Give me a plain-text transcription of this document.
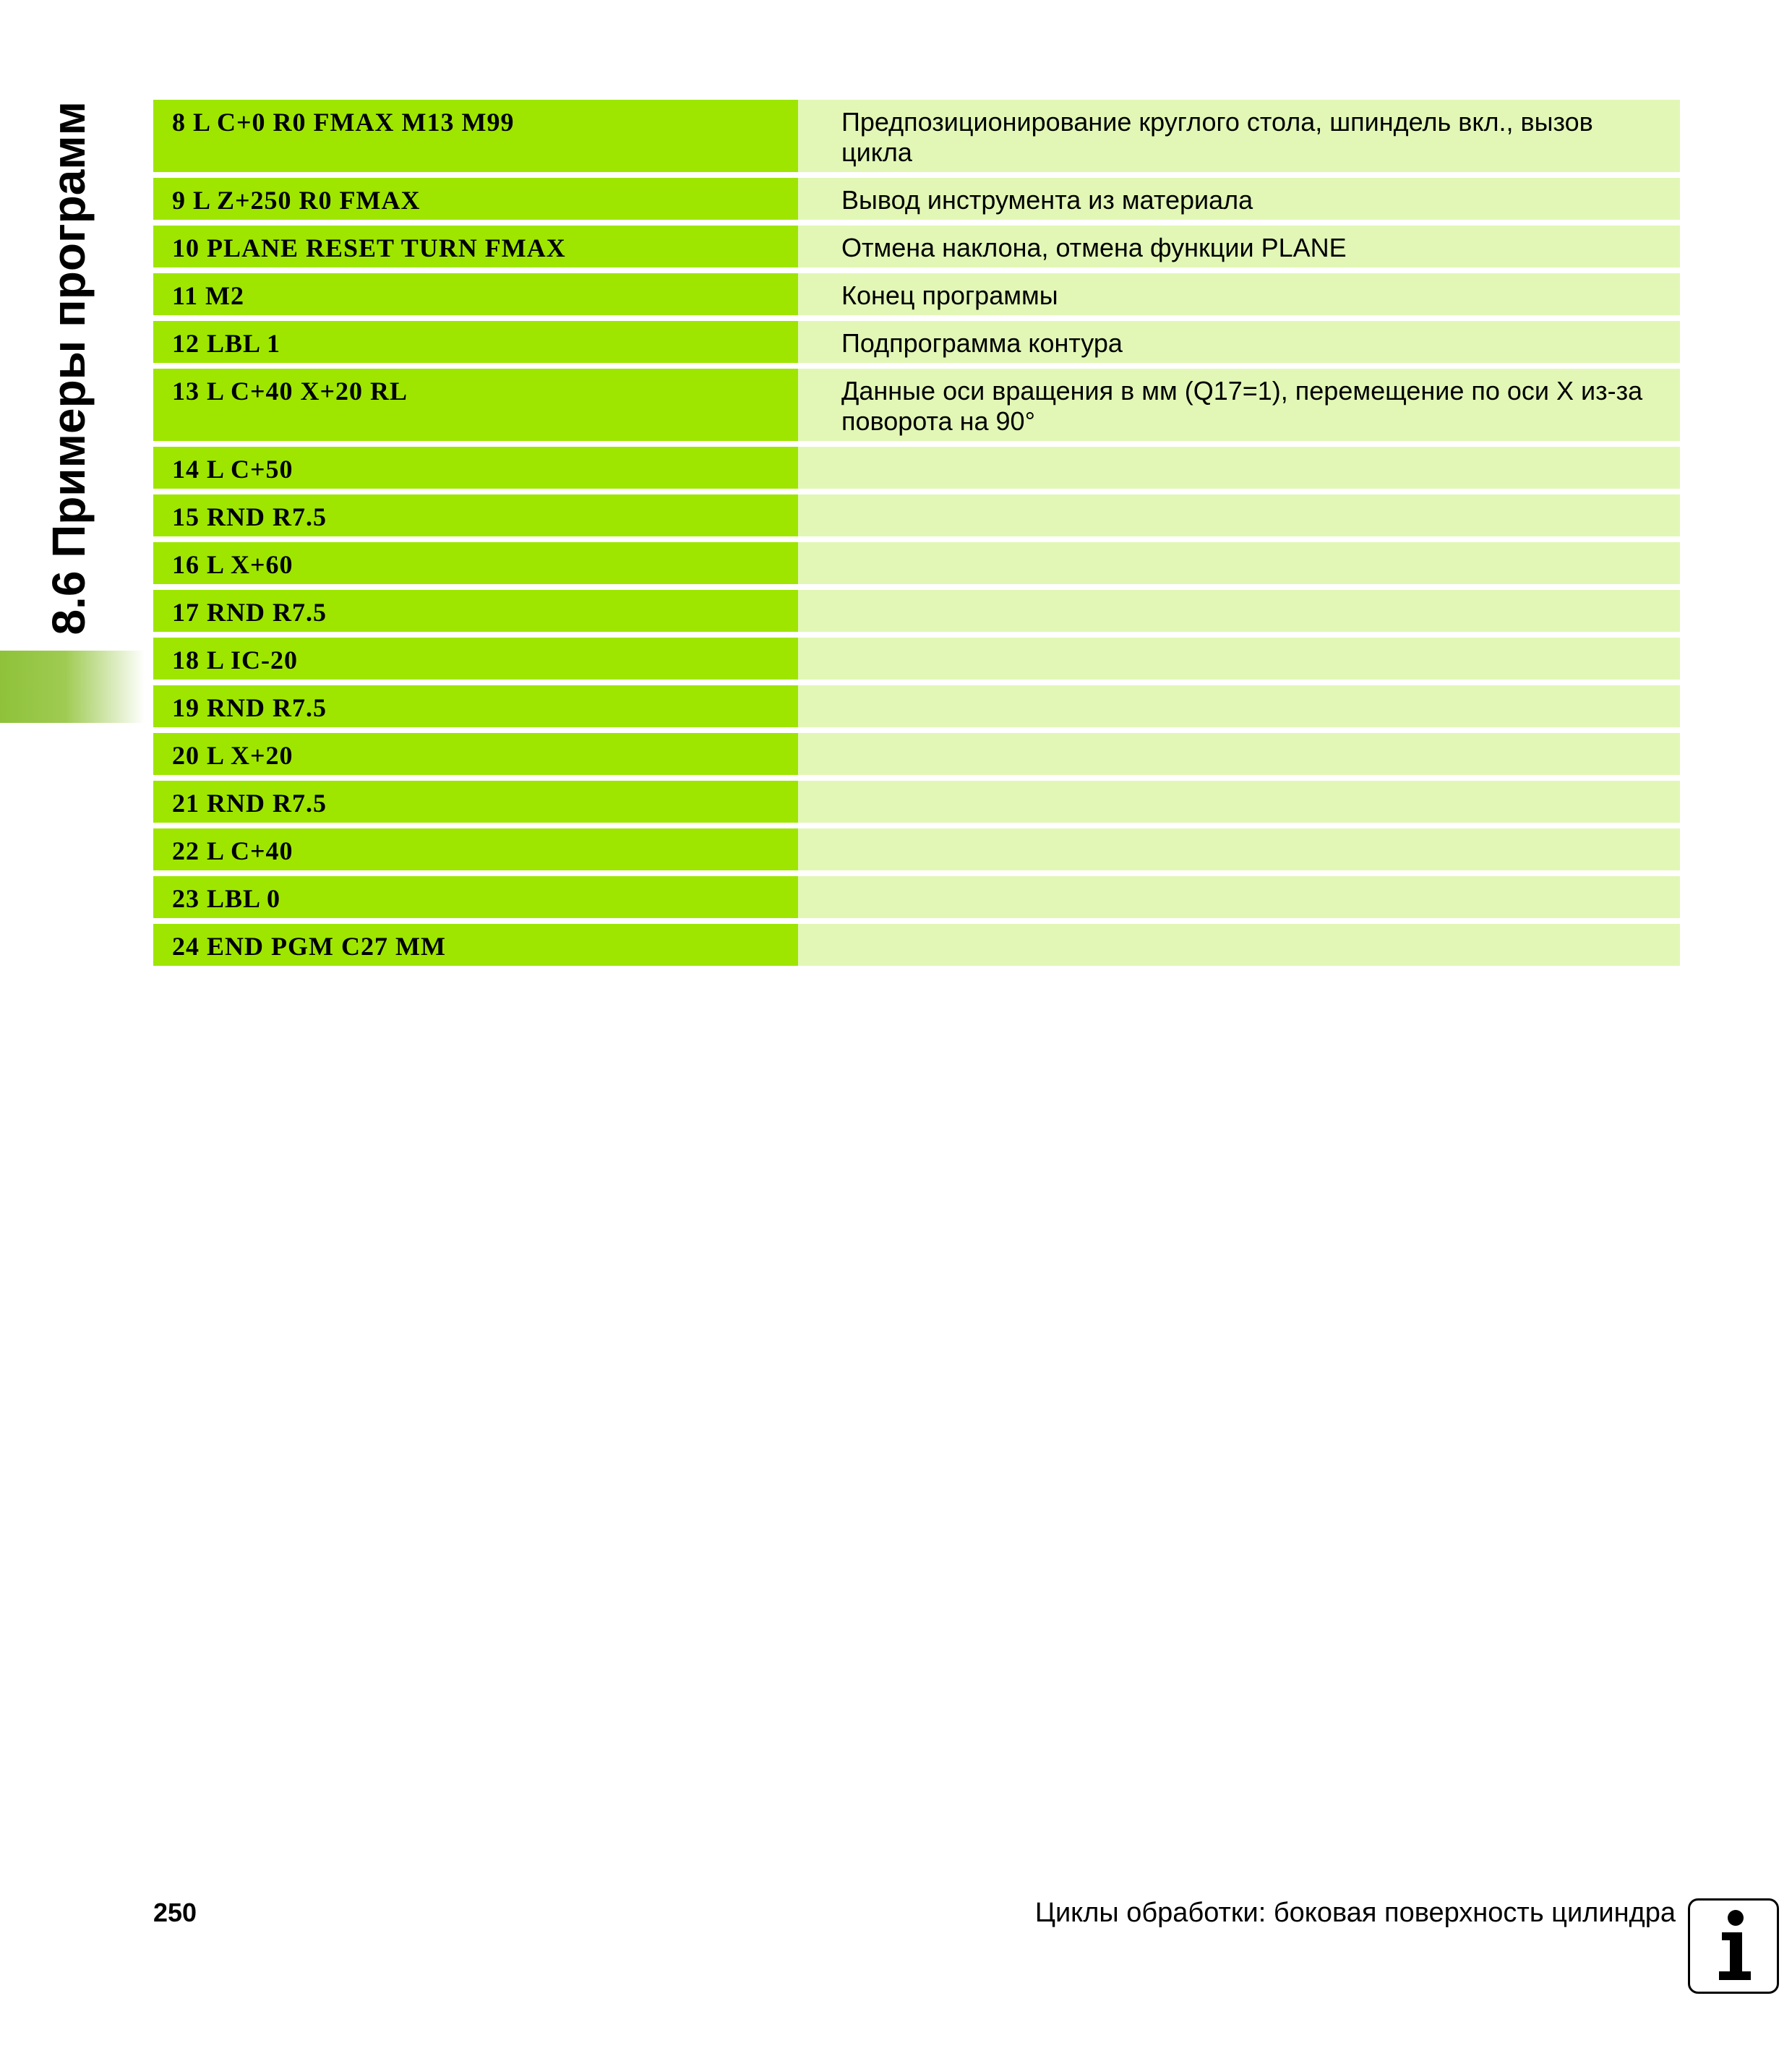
8.6 Примеры программ	8 L C+0 R0 FMAX M13 M99	Предпозиционирование круглого стола, шпиндель вкл., вызов цикла
9 L Z+250 R0 FMAX	Вывод инструмента из материала
10 PLANE RESET TURN FMAX	Отмена наклона, отмена функции PLANE
11 M2	Конец программы
12 LBL 1	Подпрограмма контура
13 L C+40 X+20 RL	Данные оси вращения в мм (Q17=1), перемещение по оси X из-за поворота на 90°
14 L C+50	
15 RND R7.5	
16 L X+60	
17 RND R7.5	
18 L IC-20	
19 RND R7.5	
20 L X+20	
21 RND R7.5	
22 L C+40	
23 LBL 0	
24 END PGM C27 MM	
250	Циклы обработки: боковая поверхность цилиндра
